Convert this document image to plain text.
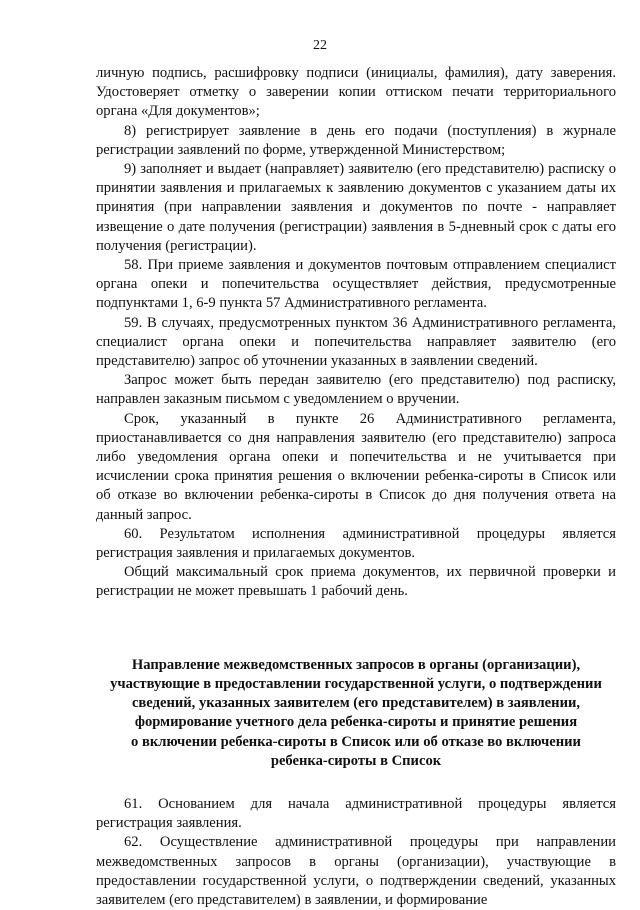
22

личную подпись, расшифровку подписи (инициалы, фамилия), дату заверения. Удостоверяет отметку о заверении копии оттиском печати территориального органа «Для документов»;

8) регистрирует заявление в день его подачи (поступления) в журнале регистрации заявлений по форме, утвержденной Министерством;

9) заполняет и выдает (направляет) заявителю (его представителю) расписку о принятии заявления и прилагаемых к заявлению документов с указанием даты их принятия (при направлении заявления и документов по почте - направляет извещение о дате получения (регистрации) заявления в 5-дневный срок с даты его получения (регистрации).

58. При приеме заявления и документов почтовым отправлением специалист органа опеки и попечительства осуществляет действия, предусмотренные подпунктами 1, 6-9 пункта 57 Административного регламента.

59. В случаях, предусмотренных пунктом 36 Административного регламента, специалист органа опеки и попечительства направляет заявителю (его представителю) запрос об уточнении указанных в заявлении сведений.

Запрос может быть передан заявителю (его представителю) под расписку, направлен заказным письмом с уведомлением о вручении.

Срок, указанный в пункте 26 Административного регламента, приостанавливается со дня направления заявителю (его представителю) запроса либо уведомления органа опеки и попечительства и не учитывается при исчислении срока принятия решения о включении ребенка-сироты в Список или об отказе во включении ребенка-сироты в Список до дня получения ответа на данный запрос.

60. Результатом исполнения административной процедуры является регистрация заявления и прилагаемых документов.

Общий максимальный срок приема документов, их первичной проверки и регистрации не может превышать 1 рабочий день.

Направление межведомственных запросов в органы (организации),
участвующие в предоставлении государственной услуги, о подтверждении
сведений, указанных заявителем (его представителем) в заявлении,
формирование учетного дела ребенка-сироты и принятие решения
о включении ребенка-сироты в Список или об отказе во включении
ребенка-сироты в Список

61. Основанием для начала административной процедуры является регистрация заявления.

62. Осуществление административной процедуры при направлении межведомственных запросов в органы (организации), участвующие в предоставлении государственной услуги, о подтверждении сведений, указанных заявителем (его представителем) в заявлении, и формирование
